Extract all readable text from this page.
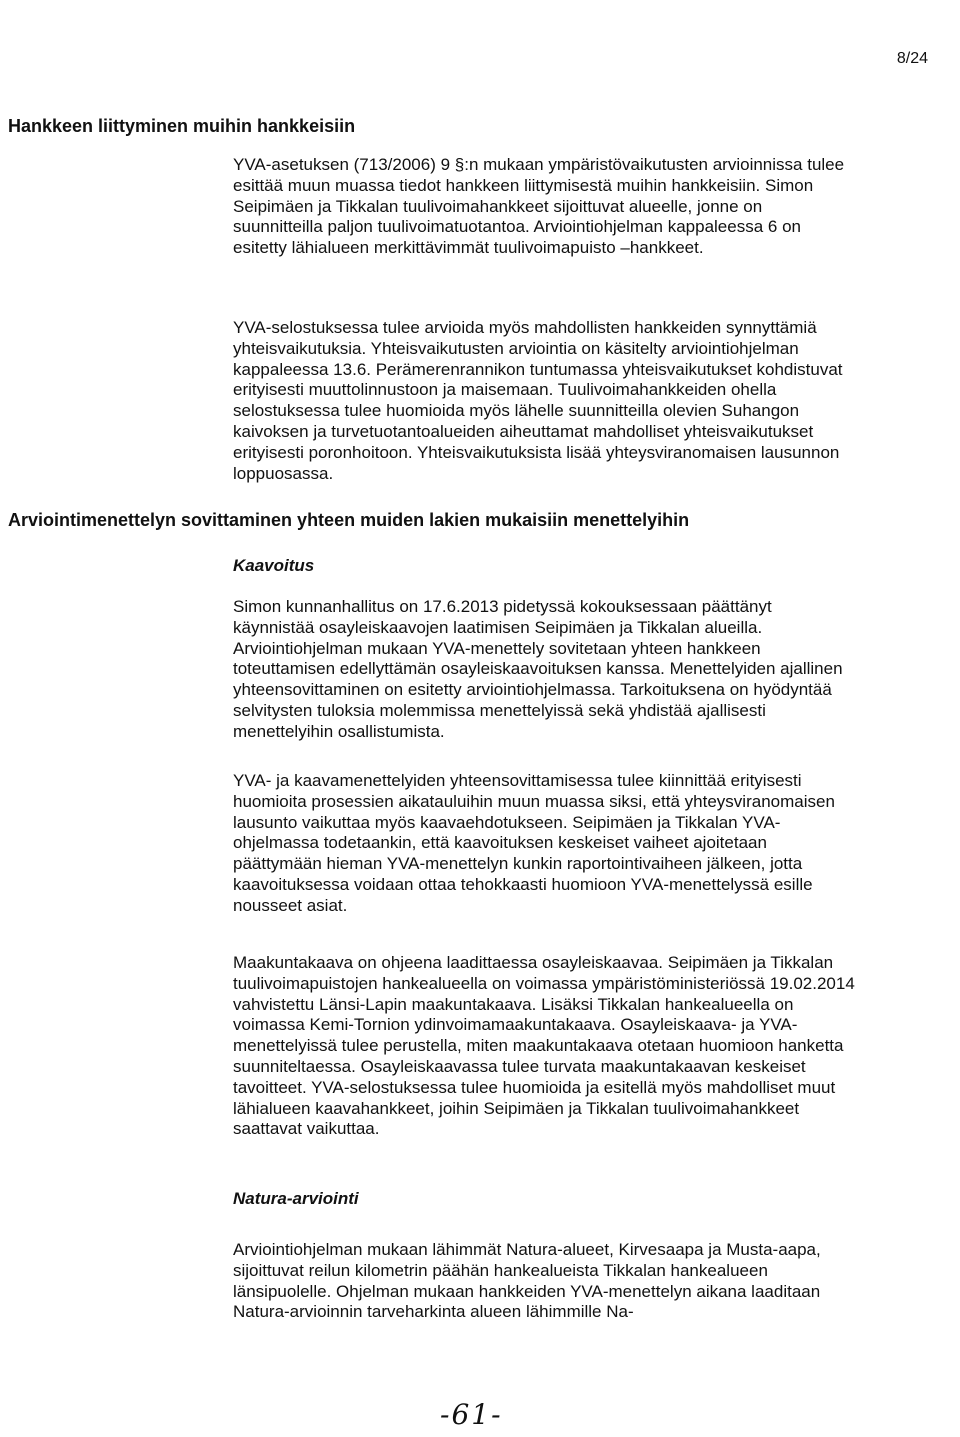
8/24
Hankkeen liittyminen muihin hankkeisiin

YVA-asetuksen (713/2006) 9 §:n mukaan ympäristövaikutusten arvioinnissa tulee esittää muun muassa tiedot hankkeen liittymisestä muihin hankkeisiin. Simon Seipimäen ja Tikkalan tuulivoimahankkeet sijoittuvat alueelle, jonne on suunnitteilla paljon tuulivoimatuotantoa. Arviointiohjelman kappaleessa 6 on esitetty lähialueen merkittävimmät tuulivoimapuisto –hankkeet.

YVA-selostuksessa tulee arvioida myös mahdollisten hankkeiden synnyttämiä yhteisvaikutuksia. Yhteisvaikutusten arviointia on käsitelty arviointiohjelman kappaleessa 13.6. Perämerenrannikon tuntumassa yhteisvaikutukset kohdistuvat erityisesti muuttolinnustoon ja maisemaan. Tuulivoimahankkeiden ohella selostuksessa tulee huomioida myös lähelle suunnitteilla olevien Suhangon kaivoksen ja turvetuotantoalueiden aiheuttamat mahdolliset yhteisvaikutukset erityisesti poronhoitoon. Yhteisvaikutuksista lisää yhteysviranomaisen lausunnon loppuosassa.

Arviointimenettelyn sovittaminen yhteen muiden lakien mukaisiin menettelyihin
Kaavoitus

Simon kunnanhallitus on 17.6.2013 pidetyssä kokouksessaan päättänyt käynnistää osayleiskaavojen laatimisen Seipimäen ja Tikkalan alueilla. Arviointiohjelman mukaan YVA-menettely sovitetaan yhteen hankkeen toteuttamisen edellyttämän osayleiskaavoituksen kanssa. Menettelyiden ajallinen yhteensovittaminen on esitetty arviointiohjelmassa. Tarkoituksena on hyödyntää selvitysten tuloksia molemmissa menettelyissä sekä yhdistää ajallisesti menettelyihin osallistumista.

YVA- ja kaavamenettelyiden yhteensovittamisessa tulee kiinnittää erityisesti huomioita prosessien aikatauluihin muun muassa siksi, että yhteysviranomaisen lausunto vaikuttaa myös kaavaehdotukseen. Seipimäen ja Tikkalan YVA-ohjelmassa todetaankin, että kaavoituksen keskeiset vaiheet ajoitetaan päättymään hieman YVA-menettelyn kunkin raportointivaiheen jälkeen, jotta kaavoituksessa voidaan ottaa tehokkaasti huomioon YVA-menettelyssä esille nousseet asiat.

Maakuntakaava on ohjeena laadittaessa osayleiskaavaa. Seipimäen ja Tikkalan tuulivoimapuistojen hankealueella on voimassa ympäristöministeriössä 19.02.2014 vahvistettu Länsi-Lapin maakuntakaava. Lisäksi Tikkalan hankealueella on voimassa Kemi-Tornion ydinvoimamaakuntakaava. Osayleiskaava- ja YVA-menettelyissä tulee perustella, miten maakuntakaava otetaan huomioon hanketta suunniteltaessa. Osayleiskaavassa tulee turvata maakuntakaavan keskeiset tavoitteet. YVA-selostuksessa tulee huomioida ja esitellä myös mahdolliset muut lähialueen kaavahankkeet, joihin Seipimäen ja Tikkalan tuulivoimahankkeet saattavat vaikuttaa.

Natura-arviointi

Arviointiohjelman mukaan lähimmät Natura-alueet, Kirvesaapa ja Musta-aapa, sijoittuvat reilun kilometrin päähän hankealueista Tikkalan hankealueen länsipuolelle. Ohjelman mukaan hankkeiden YVA-menettelyn aikana laaditaan Natura-arvioinnin tarveharkinta alueen lähimmille Na-

-61-
